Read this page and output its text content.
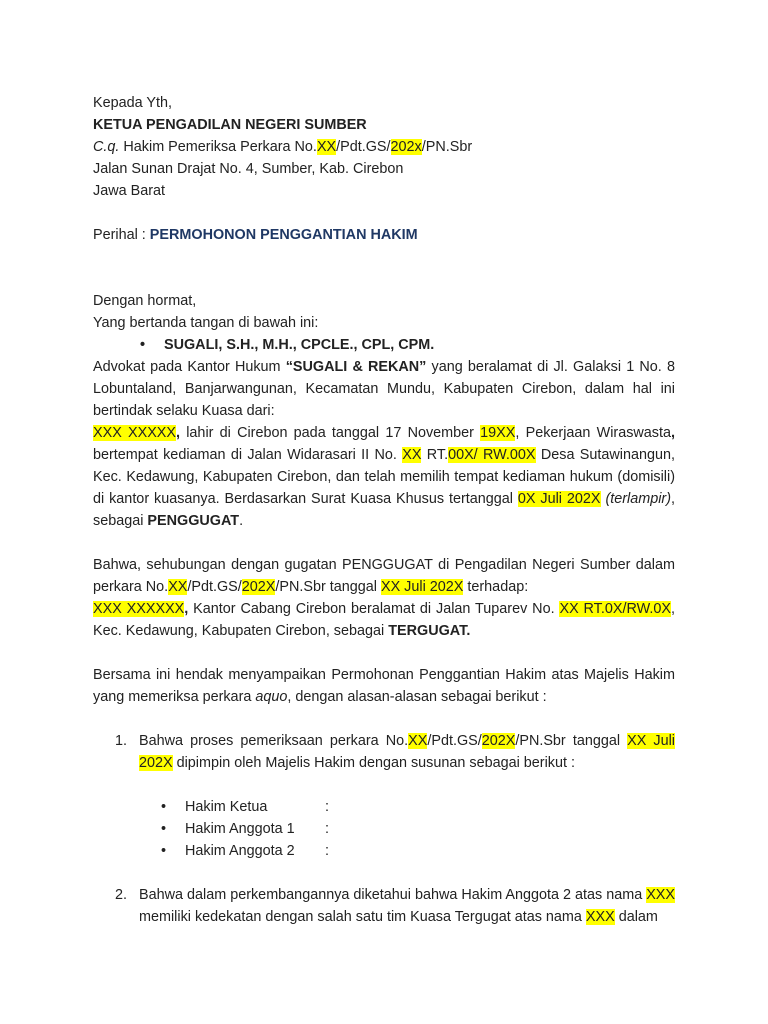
Kepada Yth,

KETUA PENGADILAN NEGERI SUMBER

C.q. Hakim Pemeriksa Perkara No.XX/Pdt.GS/202x/PN.Sbr

Jalan Sunan Drajat No. 4, Sumber, Kab. Cirebon

Jawa Barat

Perihal : PERMOHONON PENGGANTIAN HAKIM

Dengan hormat,

Yang bertanda tangan di bawah ini:

• SUGALI, S.H., M.H., CPCLE., CPL, CPM.

Advokat pada Kantor Hukum “SUGALI & REKAN” yang beralamat di Jl. Galaksi 1 No. 8 Lobuntaland, Banjarwangunan, Kecamatan Mundu, Kabupaten Cirebon, dalam hal ini bertindak selaku Kuasa dari:

XXX XXXXX, lahir di Cirebon pada tanggal 17 November 19XX, Pekerjaan Wiraswasta, bertempat kediaman di Jalan Widarasari II No. XX RT.00X/ RW.00X Desa Sutawinangun, Kec. Kedawung, Kabupaten Cirebon, dan telah memilih tempat kediaman hukum (domisili) di kantor kuasanya. Berdasarkan Surat Kuasa Khusus tertanggal 0X Juli 202X (terlampir), sebagai PENGGUGAT.

Bahwa, sehubungan dengan gugatan PENGGUGAT di Pengadilan Negeri Sumber dalam perkara No.XX/Pdt.GS/202X/PN.Sbr tanggal XX Juli 202X terhadap:

XXX XXXXXX, Kantor Cabang Cirebon beralamat di Jalan Tuparev No. XX RT.0X/RW.0X, Kec. Kedawung, Kabupaten Cirebon, sebagai TERGUGAT.

Bersama ini hendak menyampaikan Permohonan Penggantian Hakim atas Majelis Hakim yang memeriksa perkara aquo, dengan alasan-alasan sebagai berikut :

1. Bahwa proses pemeriksaan perkara No.XX/Pdt.GS/202X/PN.Sbr tanggal XX Juli 202X dipimpin oleh Majelis Hakim dengan susunan sebagai berikut :

• Hakim Ketua	:
• Hakim Anggota 1 :
• Hakim Anggota 2 :
2. Bahwa dalam perkembangannya diketahui bahwa Hakim Anggota 2 atas nama XXX memiliki kedekatan dengan salah satu tim Kuasa Tergugat atas nama XXX dalam
